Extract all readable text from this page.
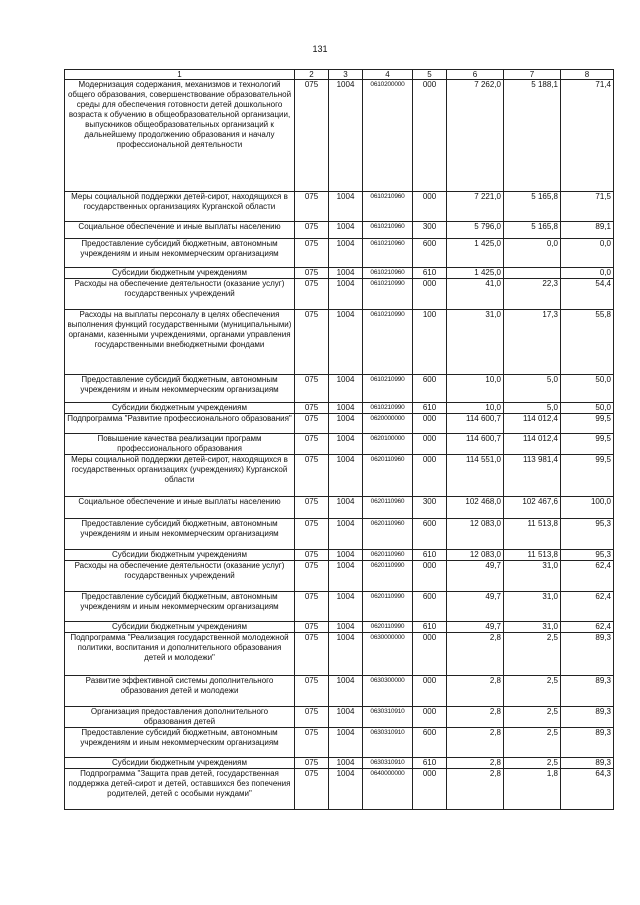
131
1	2	3	4	5	6	7	8
Модернизация содержания, механизмов и технологий общего образования, совершенствование образовательной среды для обеспечения готовности детей дошкольного возраста к обучению в общеобразовательной организации, выпускников общеобразовательных организаций к дальнейшему продолжению образования и началу профессиональной деятельности	075	1004	0610200000	000	7 262,0	5 188,1	71,4
Меры социальной поддержки детей-сирот, находящихся в государственных организациях Курганской области	075	1004	0610210960	000	7 221,0	5 165,8	71,5
Социальное обеспечение и иные выплаты населению	075	1004	0610210960	300	5 796,0	5 165,8	89,1
Предоставление субсидий бюджетным, автономным учреждениям и иным некоммерческим организациям	075	1004	0610210960	600	1 425,0	0,0	0,0
Субсидии бюджетным учреждениям	075	1004	0610210960	610	1 425,0		0,0
Расходы на обеспечение деятельности (оказание услуг) государственных учреждений	075	1004	0610210990	000	41,0	22,3	54,4
Расходы на выплаты персоналу в целях обеспечения выполнения функций государственными (муниципальными) органами, казенными учреждениями, органами управления государственными внебюджетными фондами	075	1004	0610210990	100	31,0	17,3	55,8
Предоставление субсидий бюджетным, автономным учреждениям и иным некоммерческим организациям	075	1004	0610210990	600	10,0	5,0	50,0
Субсидии бюджетным учреждениям	075	1004	0610210990	610	10,0	5,0	50,0
Подпрограмма "Развитие профессионального образования"	075	1004	0620000000	000	114 600,7	114 012,4	99,5
Повышение качества реализации программ профессионального образования	075	1004	0620100000	000	114 600,7	114 012,4	99,5
Меры социальной поддержки детей-сирот, находящихся в государственных организациях (учреждениях) Курганской области	075	1004	0620110960	000	114 551,0	113 981,4	99,5
Социальное обеспечение и иные выплаты населению	075	1004	0620110960	300	102 468,0	102 467,6	100,0
Предоставление субсидий бюджетным, автономным учреждениям и иным некоммерческим организациям	075	1004	0620110960	600	12 083,0	11 513,8	95,3
Субсидии бюджетным учреждениям	075	1004	0620110960	610	12 083,0	11 513,8	95,3
Расходы на обеспечение деятельности (оказание услуг) государственных учреждений	075	1004	0620110990	000	49,7	31,0	62,4
Предоставление субсидий бюджетным, автономным учреждениям и иным некоммерческим организациям	075	1004	0620110990	600	49,7	31,0	62,4
Субсидии бюджетным учреждениям	075	1004	0620110990	610	49,7	31,0	62,4
Подпрограмма "Реализация государственной молодежной политики, воспитания и дополнительного образования детей и молодежи"	075	1004	0630000000	000	2,8	2,5	89,3
Развитие эффективной системы дополнительного образования детей и молодежи	075	1004	0630300000	000	2,8	2,5	89,3
Организация предоставления дополнительного образования детей	075	1004	0630310910	000	2,8	2,5	89,3
Предоставление субсидий бюджетным, автономным учреждениям и иным некоммерческим организациям	075	1004	0630310910	600	2,8	2,5	89,3
Субсидии бюджетным учреждениям	075	1004	0630310910	610	2,8	2,5	89,3
Подпрограмма "Защита прав детей, государственная поддержка детей-сирот и детей, оставшихся без попечения родителей, детей с особыми нуждами"	075	1004	0640000000	000	2,8	1,8	64,3
